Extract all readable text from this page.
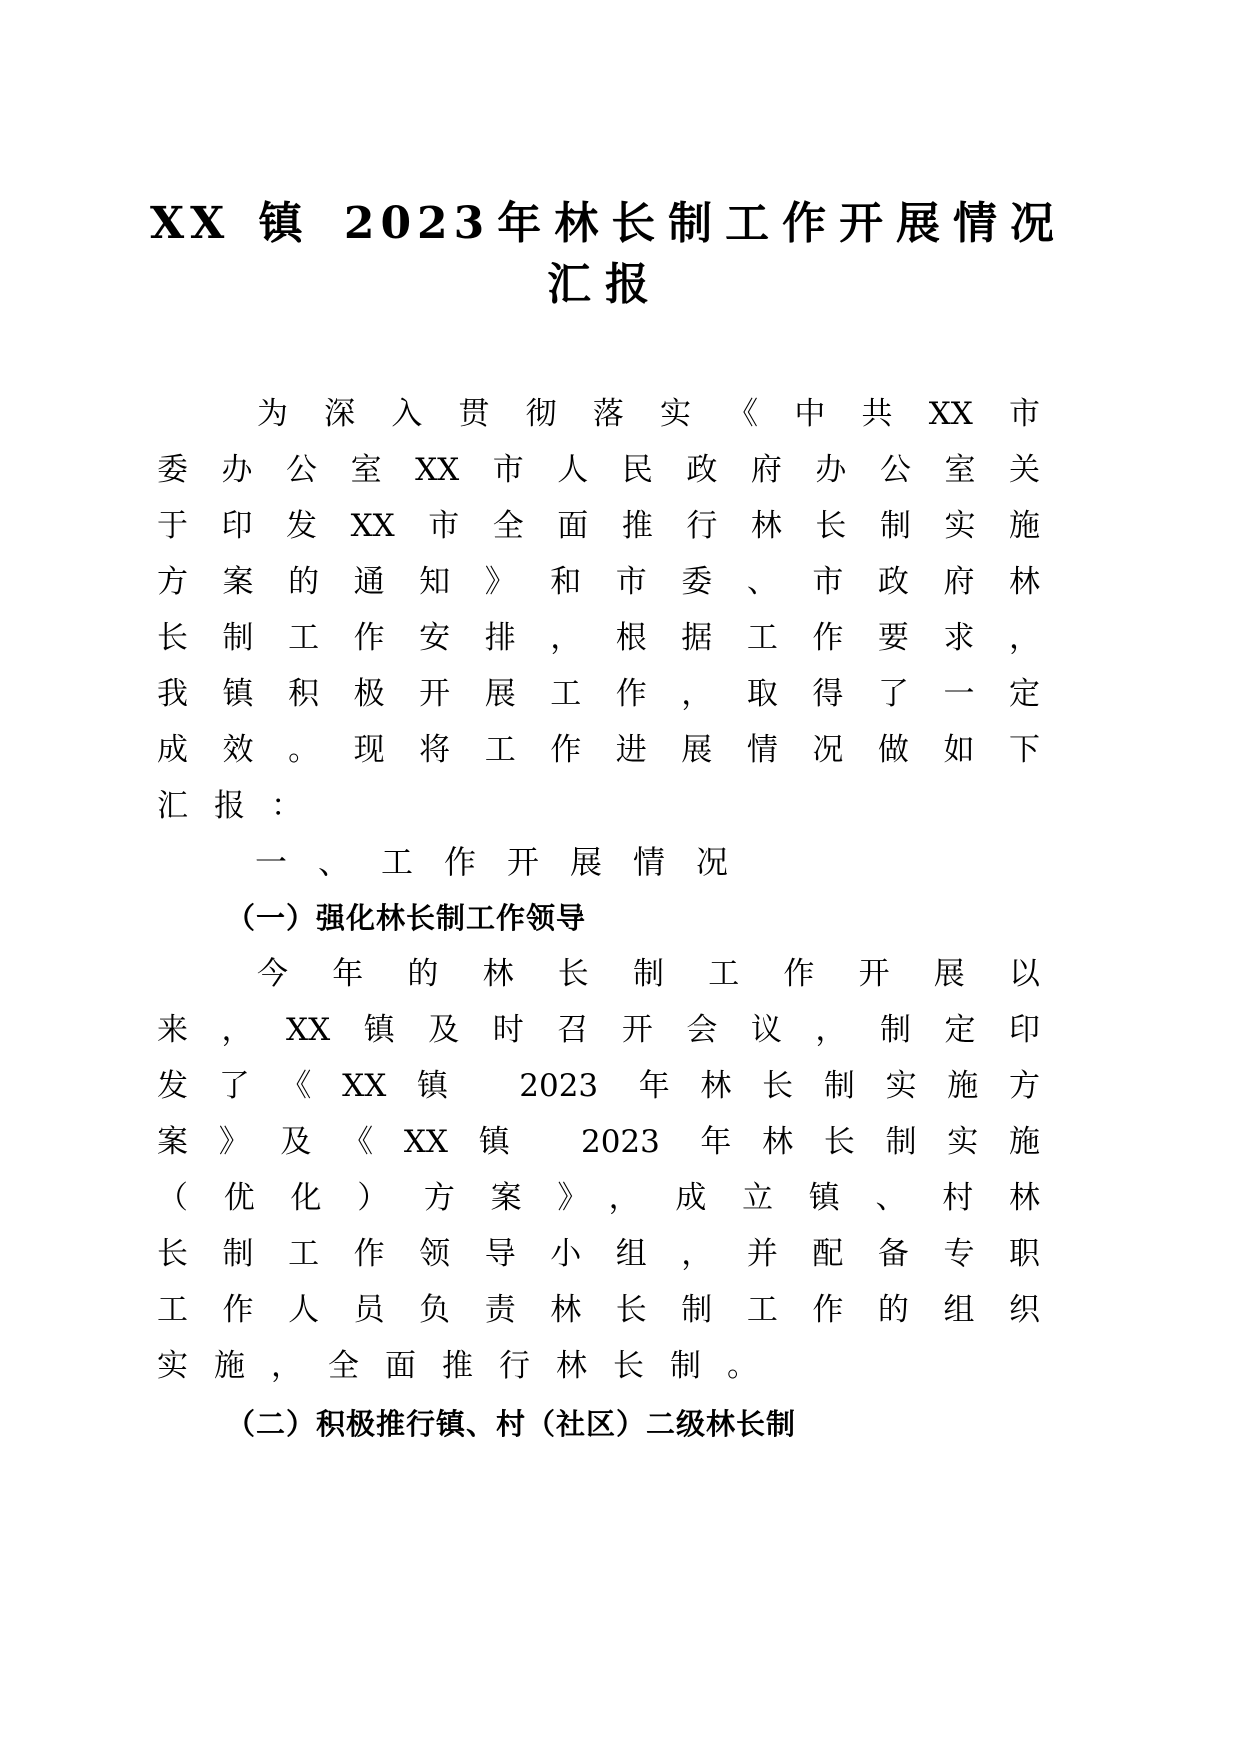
XX 镇 2023年林长制工作开展情况
汇报
为深入贯彻落实《中共XX市
委办公室XX市人民政府办公室关
于印发XX市全面推行林长制实施
方案的通知》和市委、市政府林
长制工作安排，根据工作要求，
我镇积极开展工作，取得了一定
成效。现将工作进展情况做如下
汇报：
一、工作开展情况
（一）强化林长制工作领导
今年的林长制工作开展以
来，XX镇及时召开会议，制定印
发了《XX镇 2023 年林长制实施方
案》及《XX镇 2023 年林长制实施
（优化）方案》，成立镇、村林
长制工作领导小组，并配备专职
工作人员负责林长制工作的组织
实施，全面推行林长制。
（二）积极推行镇、村（社区）二级林长制
